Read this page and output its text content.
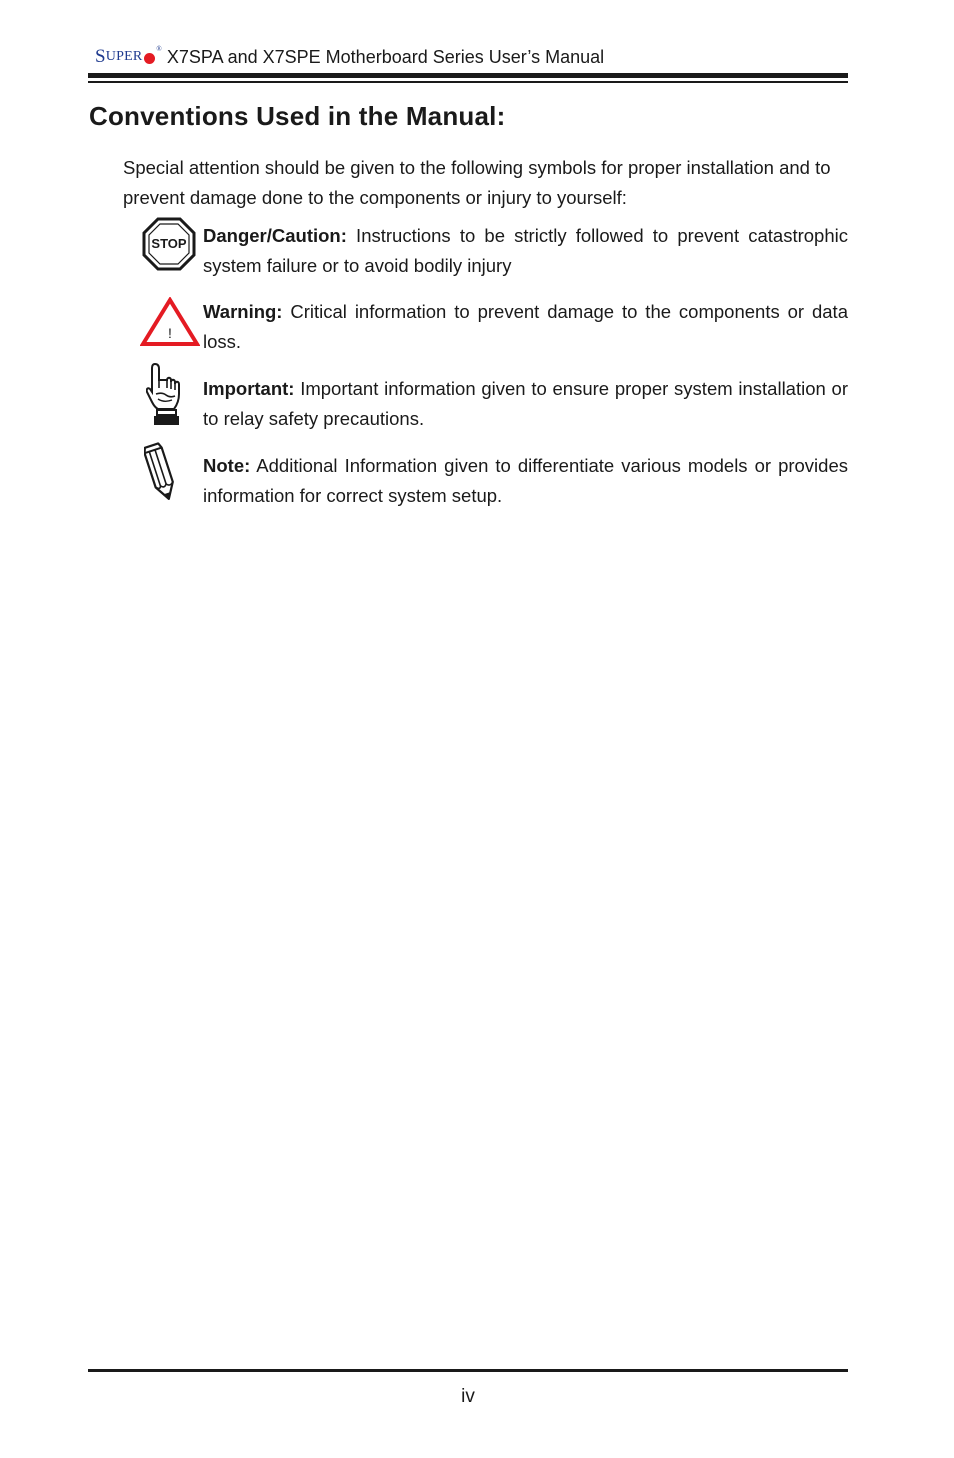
S UPER ® X7SPA and X7SPE Motherboard Series User’s Manual
Conventions Used in the Manual:

Special attention should be given to the following symbols for proper installation and to prevent damage done to the components or injury to yourself:

STOP Danger/Caution: Instructions to be strictly followed to prevent catastrophic system failure or to avoid bodily injury

!

Warning: Critical information to prevent damage to the components or data loss.

Important: Important information given to ensure proper system installation or to relay safety precautions.

Note: Additional Information given to differentiate various models or provides information for correct system setup.

iv
